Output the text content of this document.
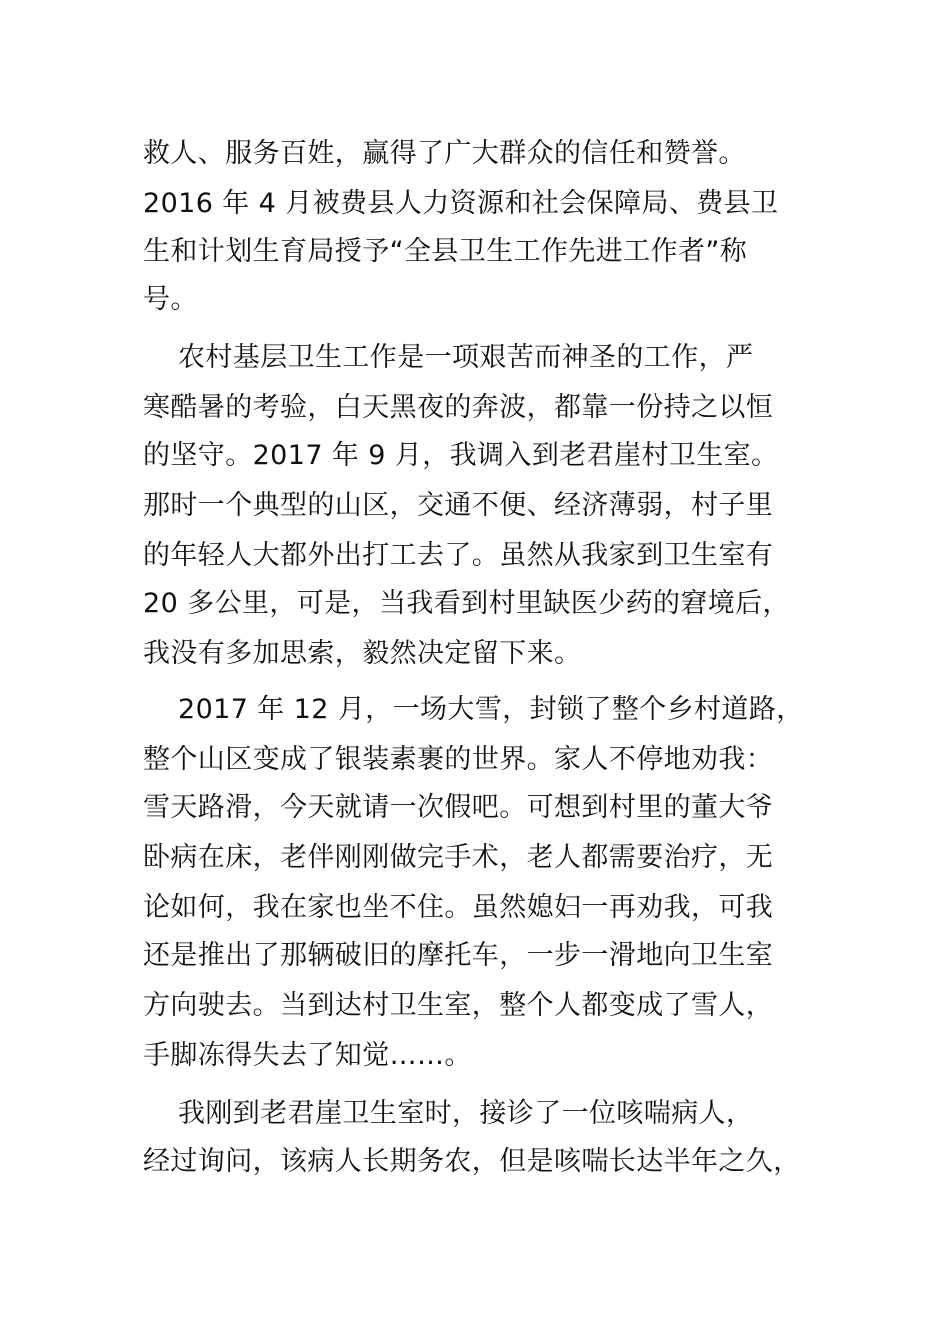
救人、服务百姓，赢得了广大群众的信任和赞誉。
2016 年 4 月被费县人力资源和社会保障局、费县卫
生和计划生育局授予“全县卫生工作先进工作者”称
号。
农村基层卫生工作是一项艰苦而神圣的工作，严
寒酷暑的考验，白天黑夜的奔波，都靠一份持之以恒
的坚守。2017 年 9 月，我调入到老君崖村卫生室。
那时一个典型的山区，交通不便、经济薄弱，村子里
的年轻人大都外出打工去了。虽然从我家到卫生室有
20 多公里，可是，当我看到村里缺医少药的窘境后，
我没有多加思索，毅然决定留下来。
2017 年 12 月，一场大雪，封锁了整个乡村道路，
整个山区变成了银装素裹的世界。家人不停地劝我：
雪天路滑，今天就请一次假吧。可想到村里的董大爷
卧病在床，老伴刚刚做完手术，老人都需要治疗，无
论如何，我在家也坐不住。虽然媳妇一再劝我，可我
还是推出了那辆破旧的摩托车，一步一滑地向卫生室
方向驶去。当到达村卫生室，整个人都变成了雪人，
手脚冻得失去了知觉……。
我刚到老君崖卫生室时，接诊了一位咳喘病人，
经过询问，该病人长期务农，但是咳喘长达半年之久，
